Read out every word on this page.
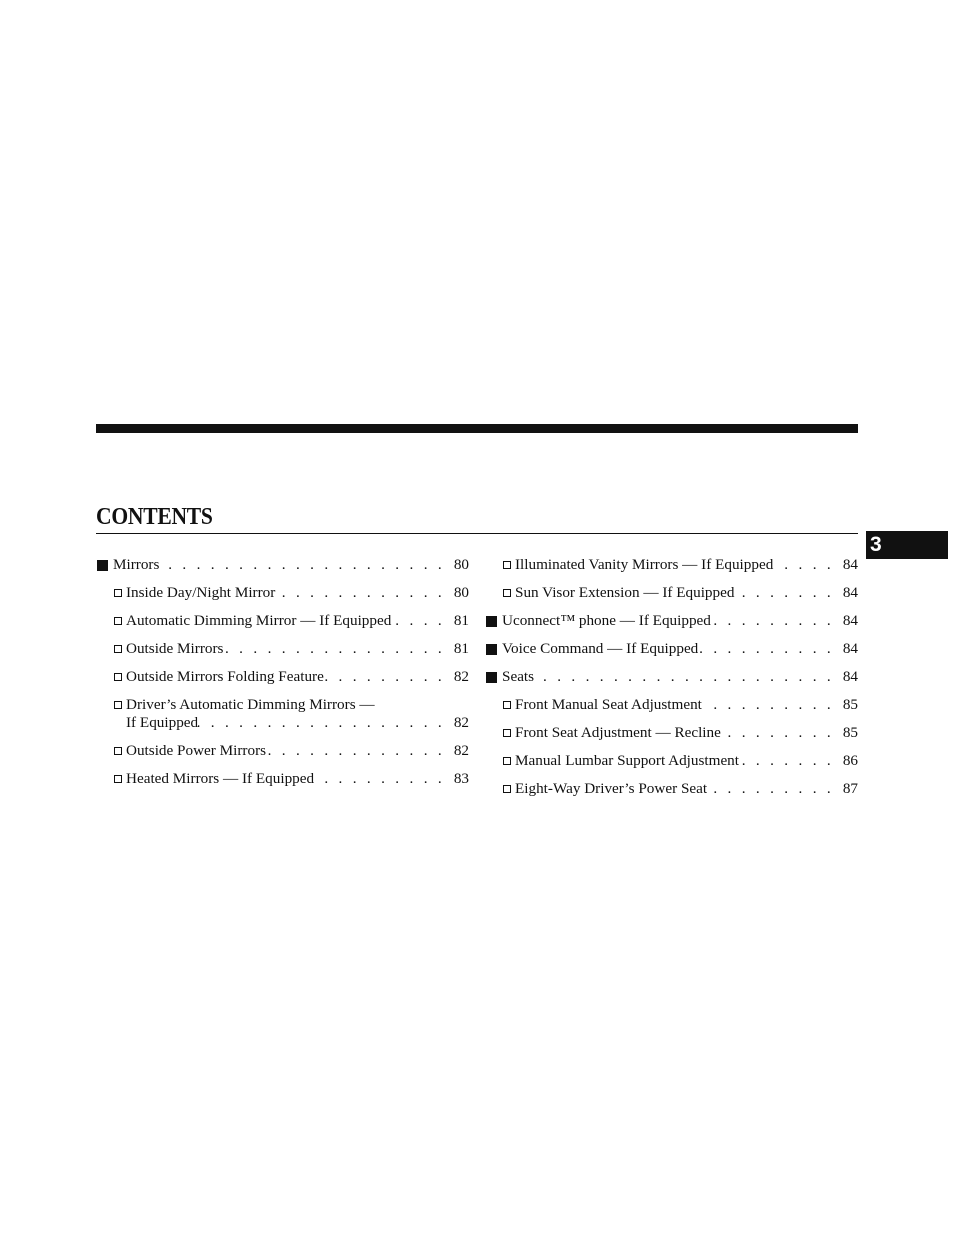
CONTENTS
3
Mirrors . . .	80
Inside Day/Night Mirror . . .	80
Automatic Dimming Mirror — If Equipped . . .	81
Outside Mirrors . . .	81
Outside Mirrors Folding Feature . . .	82
Driver’s Automatic Dimming Mirrors —
If Equipped . . .	82
Outside Power Mirrors . . .	82
Heated Mirrors — If Equipped . . .	83
Illuminated Vanity Mirrors — If Equipped . . .	84
Sun Visor Extension — If Equipped . . .	84
Uconnect™ phone — If Equipped . . .	84
Voice Command — If Equipped . . .	84
Seats . . .	84
Front Manual Seat Adjustment . . .	85
Front Seat Adjustment — Recline . . .	85
Manual Lumbar Support Adjustment . . .	86
Eight-Way Driver’s Power Seat . . .	87
